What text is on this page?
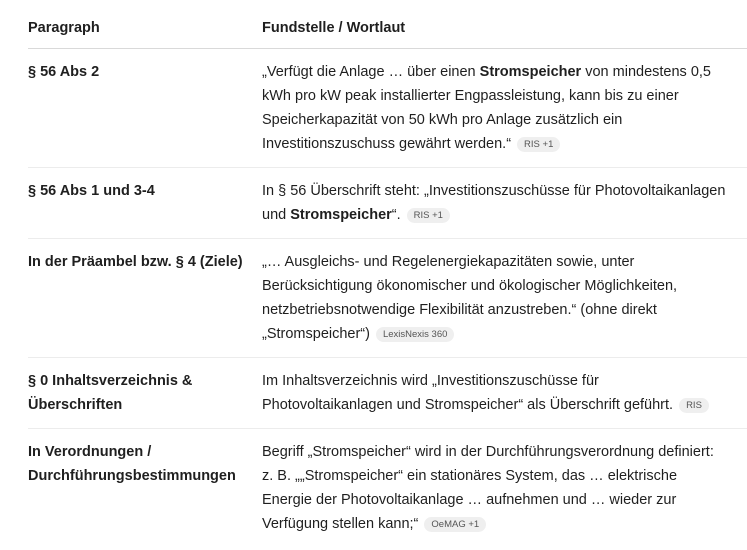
Paragraph	Fundstelle / Wortlaut
§ 56 Abs 2	„Verfügt die Anlage … über einen Stromspeicher von mindestens 0,5 kWh pro kW peak installierter Engpassleistung, kann bis zu einer Speicherkapazität von 50 kWh pro Anlage zusätzlich ein Investitionszuschuss gewährt werden.“ RIS +1
§ 56 Abs 1 und 3-4	In § 56 Überschrift steht: „Investitionszuschüsse für Photovoltaikanlagen und Stromspeicher“. RIS +1
In der Präambel bzw. § 4 (Ziele)	„… Ausgleichs- und Regelenergiekapazitäten sowie, unter Berücksichtigung ökonomischer und ökologischer Möglichkeiten, netzbetriebsnotwendige Flexibilität anzustreben.“ (ohne direkt „Stromspeicher“) LexisNexis 360
§ 0 Inhaltsverzeichnis & Überschriften	Im Inhaltsverzeichnis wird „Investitionszuschüsse für Photovoltaikanlagen und Stromspeicher“ als Überschrift geführt. RIS
In Verordnungen / Durchführungsbestimmungen	Begriff „Stromspeicher“ wird in der Durchführungsverordnung definiert: z. B. „„Stromspeicher“ ein stationäres System, das … elektrische Energie der Photovoltaikanlage … aufnehmen und … wieder zur Verfügung stellen kann;“ OeMAG +1
